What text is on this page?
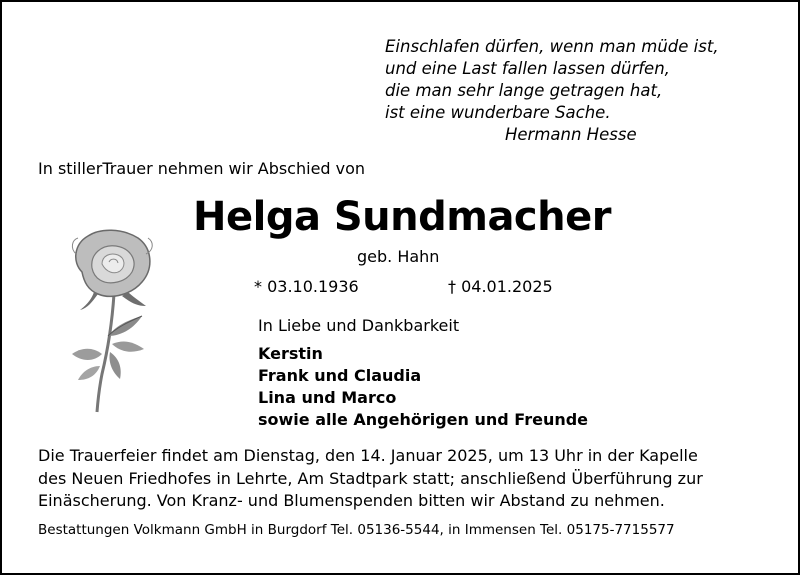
Einschlafen dürfen, wenn man müde ist,
und eine Last fallen lassen dürfen,
die man sehr lange getragen hat,
ist eine wunderbare Sache.
Hermann Hesse
In stillerTrauer nehmen wir Abschied von
Helga Sundmacher
geb. Hahn
* 03.10.1936	† 04.01.2025
In Liebe und Dankbarkeit
Kerstin
Frank und Claudia
Lina und Marco
sowie alle Angehörigen und Freunde
Die Trauerfeier findet am Dienstag, den 14. Januar 2025, um 13 Uhr in der Kapelle
des Neuen Friedhofes in Lehrte, Am Stadtpark statt; anschließend Überführung zur
Einäscherung. Von Kranz- und Blumenspenden bitten wir Abstand zu nehmen.
Bestattungen Volkmann GmbH in Burgdorf Tel. 05136-5544, in Immensen Tel. 05175-7715577
